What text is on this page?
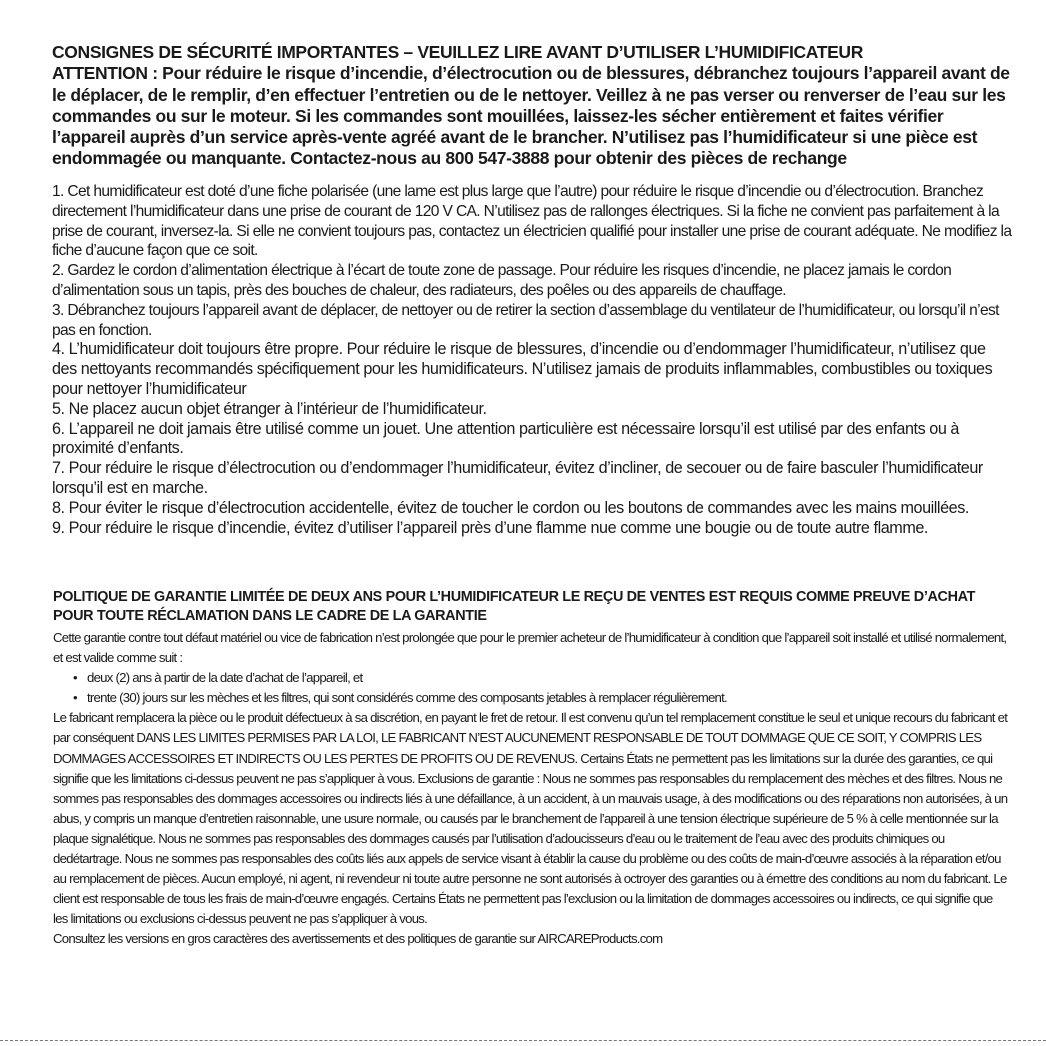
CONSIGNES DE SÉCURITÉ IMPORTANTES – VEUILLEZ LIRE AVANT D’UTILISER L’HUMIDIFICATEUR

ATTENTION : Pour réduire le risque d’incendie, d’électrocution ou de blessures, débranchez toujours l’appareil avant de le déplacer, de le remplir, d’en effectuer l’entretien ou de le nettoyer. Veillez à ne pas verser ou renverser de l’eau sur les commandes ou sur le moteur. Si les commandes sont mouillées, laissez-les sécher entièrement et faites vérifier l’appareil auprès d’un service après-vente agréé avant de le brancher. N’utilisez pas l’humidificateur si une pièce est endommagée ou manquante. Contactez-nous au 800 547-3888 pour obtenir des pièces de rechange

1. Cet humidificateur est doté d’une fiche polarisée (une lame est plus large que l’autre) pour réduire le risque d’incendie ou d’électrocution. Branchez directement l’humidificateur dans une prise de courant de 120 V CA. N’utilisez pas de rallonges électriques. Si la fiche ne convient pas parfaitement à la prise de courant, inversez-la. Si elle ne convient toujours pas, contactez un électricien qualifié pour installer une prise de courant adéquate. Ne modifiez la fiche d’aucune façon que ce soit.

2. Gardez le cordon d’alimentation électrique à l’écart de toute zone de passage. Pour réduire les risques d’incendie, ne placez jamais le cordon d’alimentation sous un tapis, près des bouches de chaleur, des radiateurs, des poêles ou des appareils de chauffage.

3. Débranchez toujours l’appareil avant de déplacer, de nettoyer ou de retirer la section d’assemblage du ventilateur de l’humidificateur, ou lorsqu’il n’est pas en fonction.

4. L’humidificateur doit toujours être propre. Pour réduire le risque de blessures, d’incendie ou d’endommager l’humidificateur, n’utilisez que des nettoyants recommandés spécifiquement pour les humidificateurs. N’utilisez jamais de produits inflammables, combustibles ou toxiques pour nettoyer l’humidificateur

5. Ne placez aucun objet étranger à l’intérieur de l’humidificateur.

6. L’appareil ne doit jamais être utilisé comme un jouet. Une attention particulière est nécessaire lorsqu’il est utilisé par des enfants ou à proximité d’enfants.

7. Pour réduire le risque d’électrocution ou d’endommager l’humidificateur, évitez d’incliner, de secouer ou de faire basculer l’humidificateur lorsqu’il est en marche.

8. Pour éviter le risque d’électrocution accidentelle, évitez de toucher le cordon ou les boutons de commandes avec les mains mouillées.

9. Pour réduire le risque d’incendie, évitez d’utiliser l’appareil près d’une flamme nue comme une bougie ou de toute autre flamme.

POLITIQUE DE GARANTIE LIMITÉE DE DEUX ANS POUR L’HUMIDIFICATEUR LE REÇU DE VENTES EST REQUIS COMME PREUVE D’ACHAT POUR TOUTE RÉCLAMATION DANS LE CADRE DE LA GARANTIE

Cette garantie contre tout défaut matériel ou vice de fabrication n’est prolongée que pour le premier acheteur de l’humidificateur à condition que l’appareil soit installé et utilisé normalement, et est valide comme suit :

• deux (2) ans à partir de la date d’achat de l’appareil, et
• trente (30) jours sur les mèches et les filtres, qui sont considérés comme des composants jetables à remplacer régulièrement.

Le fabricant remplacera la pièce ou le produit défectueux à sa discrétion, en payant le fret de retour. Il est convenu qu’un tel remplacement constitue le seul et unique recours du fabricant et par conséquent DANS LES LIMITES PERMISES PAR LA LOI, LE FABRICANT N’EST AUCUNEMENT RESPONSABLE DE TOUT DOMMAGE QUE CE SOIT, Y COMPRIS LES DOMMAGES ACCESSOIRES ET INDIRECTS OU LES PERTES DE PROFITS OU DE REVENUS. Certains États ne permettent pas les limitations sur la durée des garanties, ce qui signifie que les limitations ci-dessus peuvent ne pas s’appliquer à vous. Exclusions de garantie : Nous ne sommes pas responsables du remplacement des mèches et des filtres. Nous ne sommes pas responsables des dommages accessoires ou indirects liés à une défaillance, à un accident, à un mauvais usage, à des modifications ou des réparations non autorisées, à un abus, y compris un manque d’entretien raisonnable, une usure normale, ou causés par le branchement de l’appareil à une tension électrique supérieure de 5 % à celle mentionnée sur la plaque signalétique. Nous ne sommes pas responsables des dommages causés par l’utilisation d’adoucisseurs d’eau ou le traitement de l’eau avec des produits chimiques ou dedétartrage. Nous ne sommes pas responsables des coûts liés aux appels de service visant à établir la cause du problème ou des coûts de main-d’œuvre associés à la réparation et/ou au remplacement de pièces. Aucun employé, ni agent, ni revendeur ni toute autre personne ne sont autorisés à octroyer des garanties ou à émettre des conditions au nom du fabricant. Le client est responsable de tous les frais de main-d’œuvre engagés. Certains États ne permettent pas l’exclusion ou la limitation de dommages accessoires ou indirects, ce qui signifie que les limitations ou exclusions ci-dessus peuvent ne pas s’appliquer à vous.

Consultez les versions en gros caractères des avertissements et des politiques de garantie sur AIRCAREProducts.com
